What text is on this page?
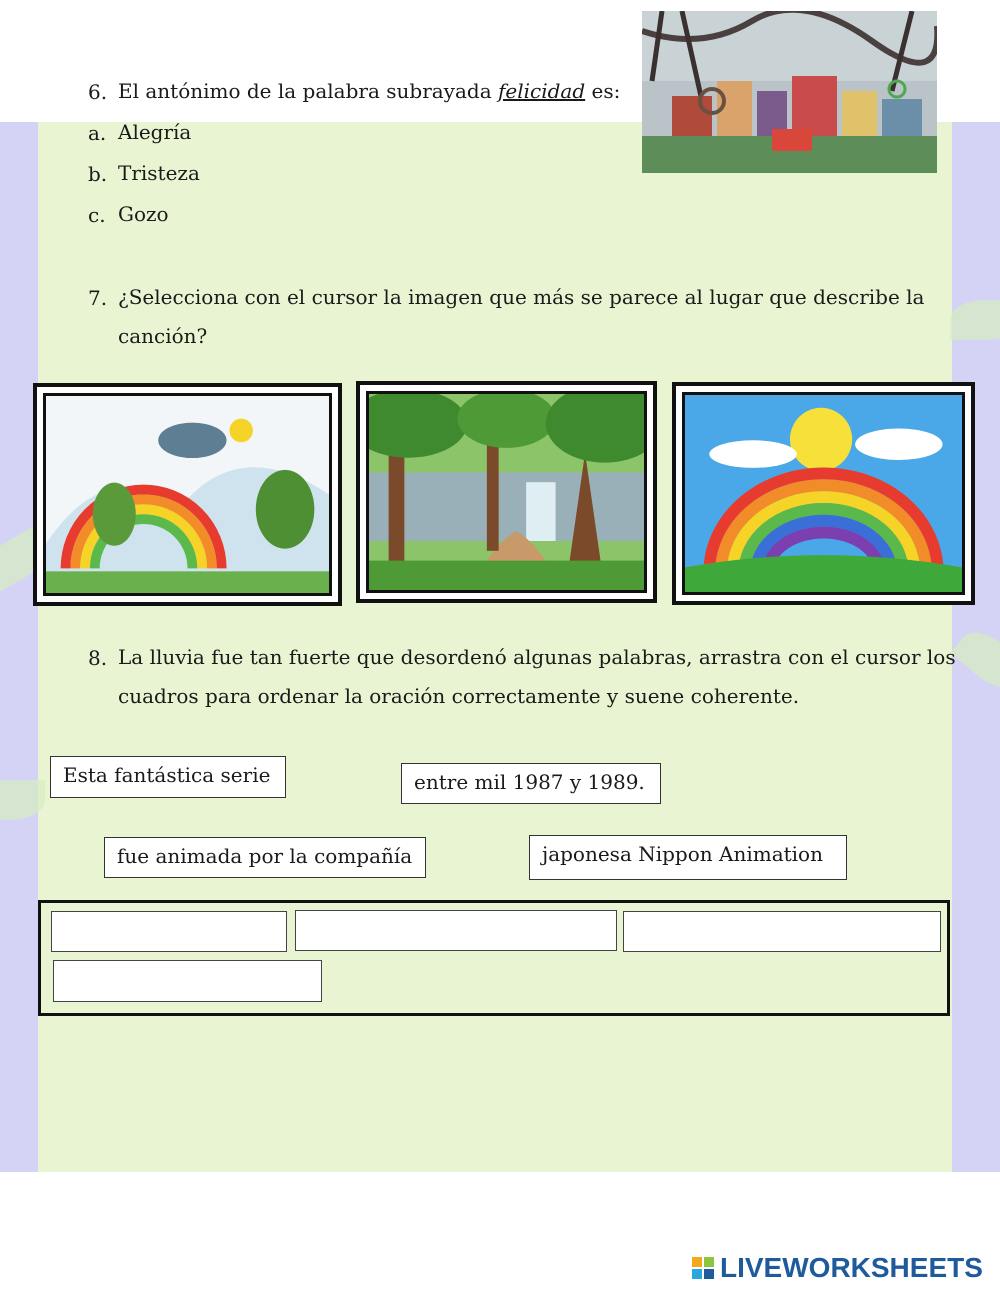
6. El antónimo de la palabra subrayada felicidad es:
a. Alegría
b. Tristeza
c. Gozo
7. ¿Selecciona con el cursor la imagen que más se parece al lugar que describe la
canción?
8. La lluvia fue tan fuerte que desordenó algunas palabras, arrastra con el cursor los
cuadros para ordenar la oración correctamente y suene coherente.
Esta fantástica serie	entre mil 1987 y 1989.
fue animada por la compañía	japonesa Nippon Animation
LIVEWORKSHEETS
